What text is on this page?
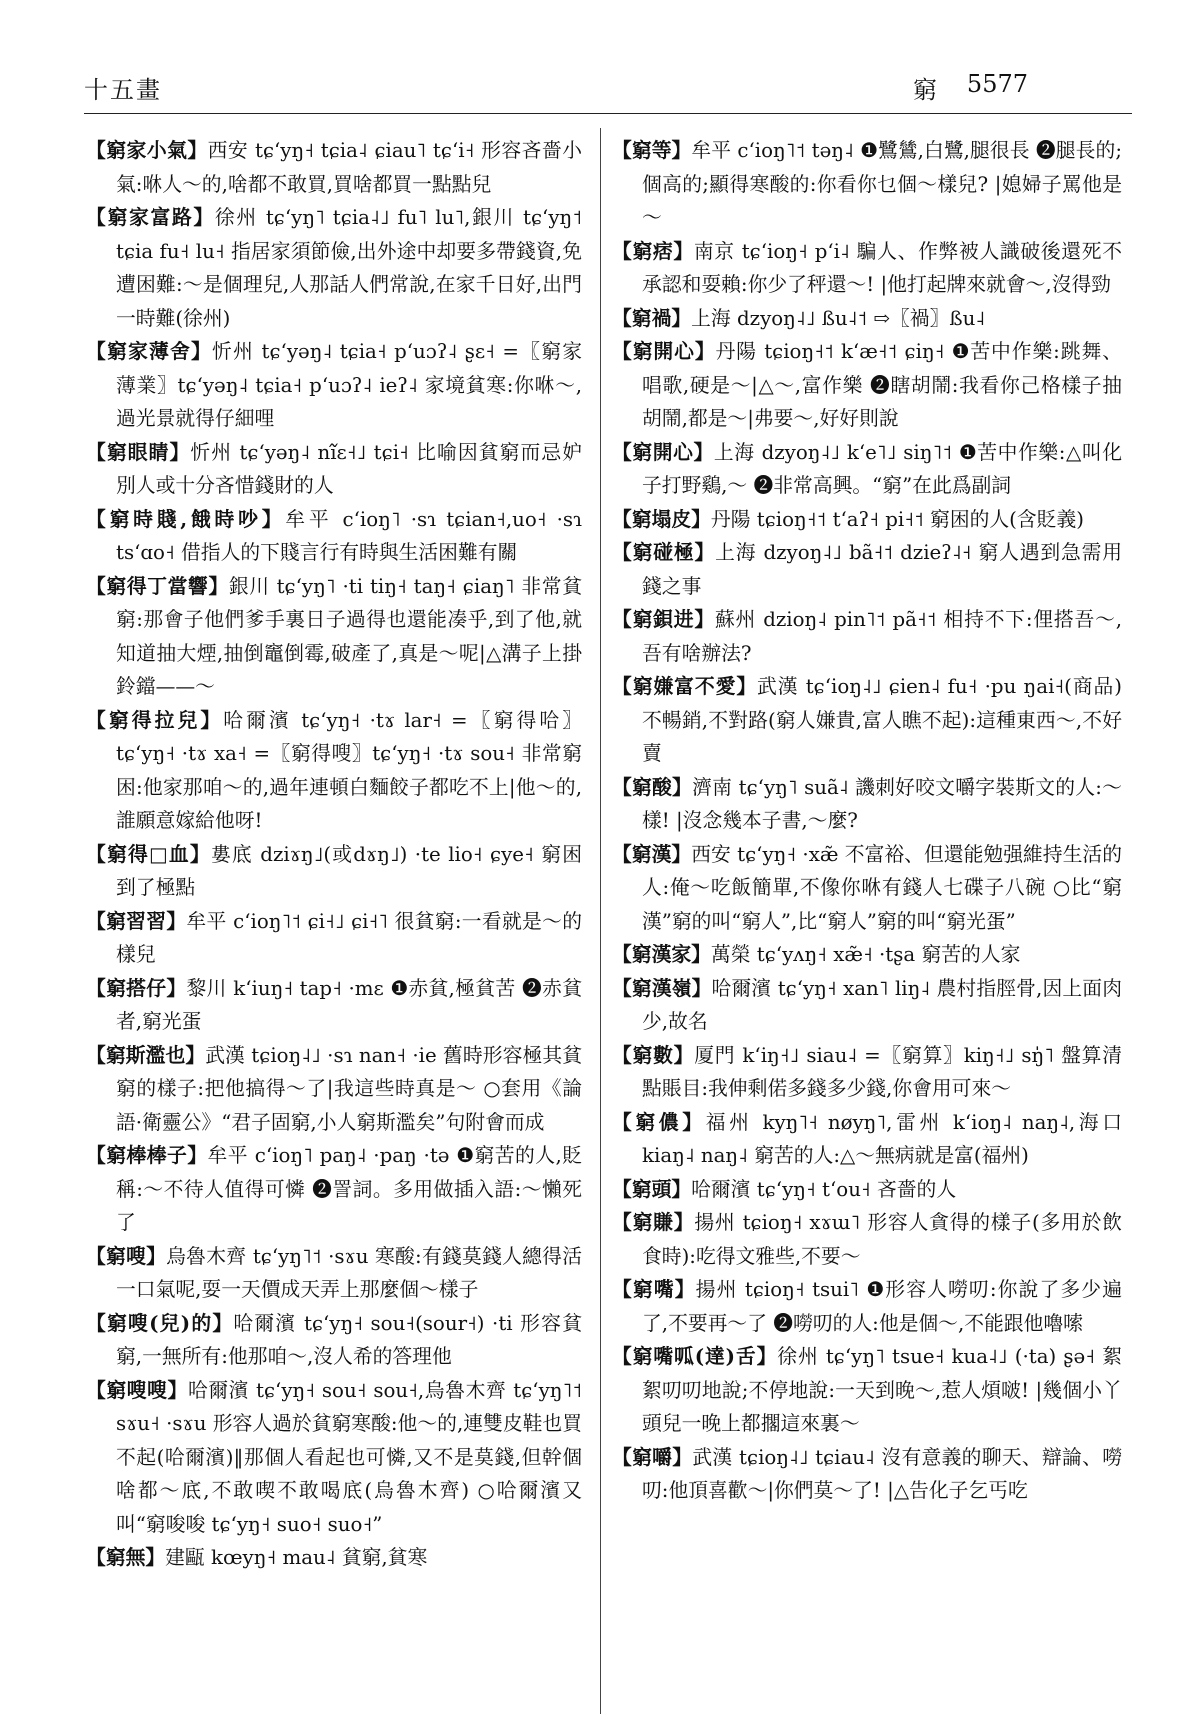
十五畫	窮 5577

【窮家小氣】西安 tɕʻyŋ˧ tɕia˨ ɕiau˥ tɕʻi˧ 形容吝嗇小氣:咻人～的,啥都不敢買,買啥都買一點點兒

【窮家富路】徐州 tɕʻyŋ˥ tɕia˨˩ fu˥ lu˥,銀川 tɕʻyŋ˦ tɕia fu˧ lu˧ 指居家須節儉,出外途中却要多帶錢資,免遭困難:～是個理兒,人那話人們常說,在家千日好,出門一時難(徐州)

【窮家薄舍】忻州 tɕʻyəŋ˨ tɕia˧ pʻuɔʔ˨ ʂɛ˧ =〖窮家薄業〗tɕʻyəŋ˨ tɕia˧ pʻuɔʔ˨ ieʔ˨ 家境貧寒:你咻～,過光景就得仔細哩

【窮眼睛】忻州 tɕʻyəŋ˨ ni᷉ɛ˧˩ tɕi˧ 比喻因貧窮而忌妒別人或十分吝惜錢財的人

【窮時賤,餓時吵】牟平 cʻioŋ˥ ·sɿ tɕian˧,uo˧ ·sɿ tsʻɑo˧ 借指人的下賤言行有時與生活困難有關

【窮得丁當響】銀川 tɕʻyŋ˥ ·ti tiŋ˧ taŋ˧ ɕiaŋ˥ 非常貧窮:那會子他們爹手裏日子過得也還能凑乎,到了他,就知道抽大煙,抽倒竈倒霉,破產了,真是～呢|△溝子上掛鈴鐺——～

【窮得拉兒】哈爾濱 tɕʻyŋ˧ ·tɤ lar˧ =〖窮得哈〗tɕʻyŋ˧ ·tɤ xa˧ =〖窮得嗖〗tɕʻyŋ˧ ·tɤ sou˧ 非常窮困:他家那咱～的,過年連頓白麵餃子都吃不上|他～的,誰願意嫁給他呀!

【窮得□血】婁底 dziɤŋ˩(或dɤŋ˩) ·te lio˧ ɕye˧ 窮困到了極點

【窮習習】牟平 cʻioŋ˥˦ ɕi˧˩ ɕi˧˥ 很貧窮:一看就是～的樣兒

【窮搭仔】黎川 kʻiuŋ˧ tap˧ ·mɛ ❶赤貧,極貧苦 ❷赤貧者,窮光蛋

【窮斯濫也】武漢 tɕioŋ˨˩ ·sɿ nan˧ ·ie 舊時形容極其貧窮的樣子:把他搞得～了|我這些時真是～ ○套用《論語·衛靈公》“君子固窮,小人窮斯濫矣”句附會而成

【窮棒棒子】牟平 cʻioŋ˥ paŋ˨ ·paŋ ·tə ❶窮苦的人,貶稱:～不待人值得可憐 ❷詈詞。多用做插入語:～懶死了

【窮嗖】烏魯木齊 tɕʻyŋ˥˦ ·sɤu 寒酸:有錢莫錢人總得活一口氣呢,耍一天價成天弄上那麼個～樣子

【窮嗖(兒)的】哈爾濱 tɕʻyŋ˧ sou˧(sour˧) ·ti 形容貧窮,一無所有:他那咱～,沒人希的答理他

【窮嗖嗖】哈爾濱 tɕʻyŋ˧ sou˧ sou˧,烏魯木齊 tɕʻyŋ˥˦ sɤu˧ ·sɤu 形容人過於貧窮寒酸:他～的,連雙皮鞋也買不起(哈爾濱)‖那個人看起也可憐,又不是莫錢,但幹個啥都～底,不敢喫不敢喝底(烏魯木齊) ○哈爾濱又叫“窮唆唆 tɕʻyŋ˧ suo˧ suo˧”

【窮無】建甌 kœyŋ˧ mau˨ 貧窮,貧寒

【窮等】牟平 cʻioŋ˥˦ təŋ˨ ❶鷺鷥,白鷺,腿很長 ❷腿長的;個高的;顯得寒酸的:你看你乜個～樣兒? |媳婦子罵他是～

【窮痞】南京 tɕʻioŋ˧ pʻi˨ 騙人、作弊被人識破後還死不承認和耍賴:你少了秤還～! |他打起牌來就會～,沒得勁

【窮禍】上海 dzyoŋ˨˩ ßu˨˦ ⇨〖禍〗ßu˨

【窮開心】丹陽 tɕioŋ˧˦ kʻæ˧˦ ɕiŋ˧ ❶苦中作樂:跳舞、唱歌,硬是～|△～,富作樂 ❷瞎胡鬧:我看你己格樣子抽胡鬧,都是～|弗要～,好好則說

【窮開心】上海 dzyoŋ˨˩ kʻe˥˩ siŋ˥˦ ❶苦中作樂:△叫化子打野鷄,～ ❷非常高興。“窮”在此爲副詞

【窮塌皮】丹陽 tɕioŋ˧˦ tʻaʔ˧ pi˧˦ 窮困的人(含貶義)

【窮碰極】上海 dzyoŋ˨˩ bã˧˦ dzieʔ˨˧ 窮人遇到急需用錢之事

【窮鋇进】蘇州 dzioŋ˨ pin˥˦ pã˧˦ 相持不下:俚搭吾～,吾有啥辦法?

【窮嫌富不愛】武漢 tɕʻioŋ˨˩ ɕien˨ fu˧ ·pu ŋai˧(商品)不暢銷,不對路(窮人嫌貴,富人瞧不起):這種東西～,不好賣

【窮酸】濟南 tɕʻyŋ˥ suã˨ 譏刺好咬文嚼字裝斯文的人:～樣! |沒念幾本子書,～麼?

【窮漢】西安 tɕʻyŋ˧ ·xæ̃ 不富裕、但還能勉强維持生活的人:俺～吃飯簡單,不像你咻有錢人七碟子八碗 ○比“窮漢”窮的叫“窮人”,比“窮人”窮的叫“窮光蛋”

【窮漢家】萬榮 tɕʻyʌŋ˧ xæ̃˧ ·tʂa 窮苦的人家

【窮漢嶺】哈爾濱 tɕʻyŋ˧ xan˥ liŋ˨ 農村指脛骨,因上面肉少,故名

【窮數】厦門 kʻiŋ˧˩ siau˨ =〖窮算〗kiŋ˧˩ sŋ̍˥ 盤算清點賬目:我伸剩偌多錢多少錢,你會用可來～

【窮儂】福州 kyŋ˥˧ nøyŋ˥,雷州 kʻioŋ˨ naŋ˨,海口 kiaŋ˨ naŋ˨ 窮苦的人:△～無病就是富(福州)

【窮頭】哈爾濱 tɕʻyŋ˧ tʻou˧ 吝嗇的人

【窮賺】揚州 tɕioŋ˧ xɤɯ˥ 形容人貪得的樣子(多用於飲食時):吃得文雅些,不要～

【窮嘴】揚州 tɕioŋ˧ tsui˥ ❶形容人嘮叨:你說了多少遍了,不要再～了 ❷嘮叨的人:他是個～,不能跟他嚕嗦

【窮嘴呱(達)舌】徐州 tɕʻyŋ˥ tsue˧ kua˨˩ (·ta) ʂə˧ 絮絮叨叨地說;不停地說:一天到晚～,惹人煩啵! |幾個小丫頭兒一晚上都擱這來裏～

【窮嚼】武漢 tɕioŋ˨˩ tɕiau˨ 沒有意義的聊天、辯論、嘮叨:他頂喜歡～|你們莫～了! |△告化子乞丐吃
